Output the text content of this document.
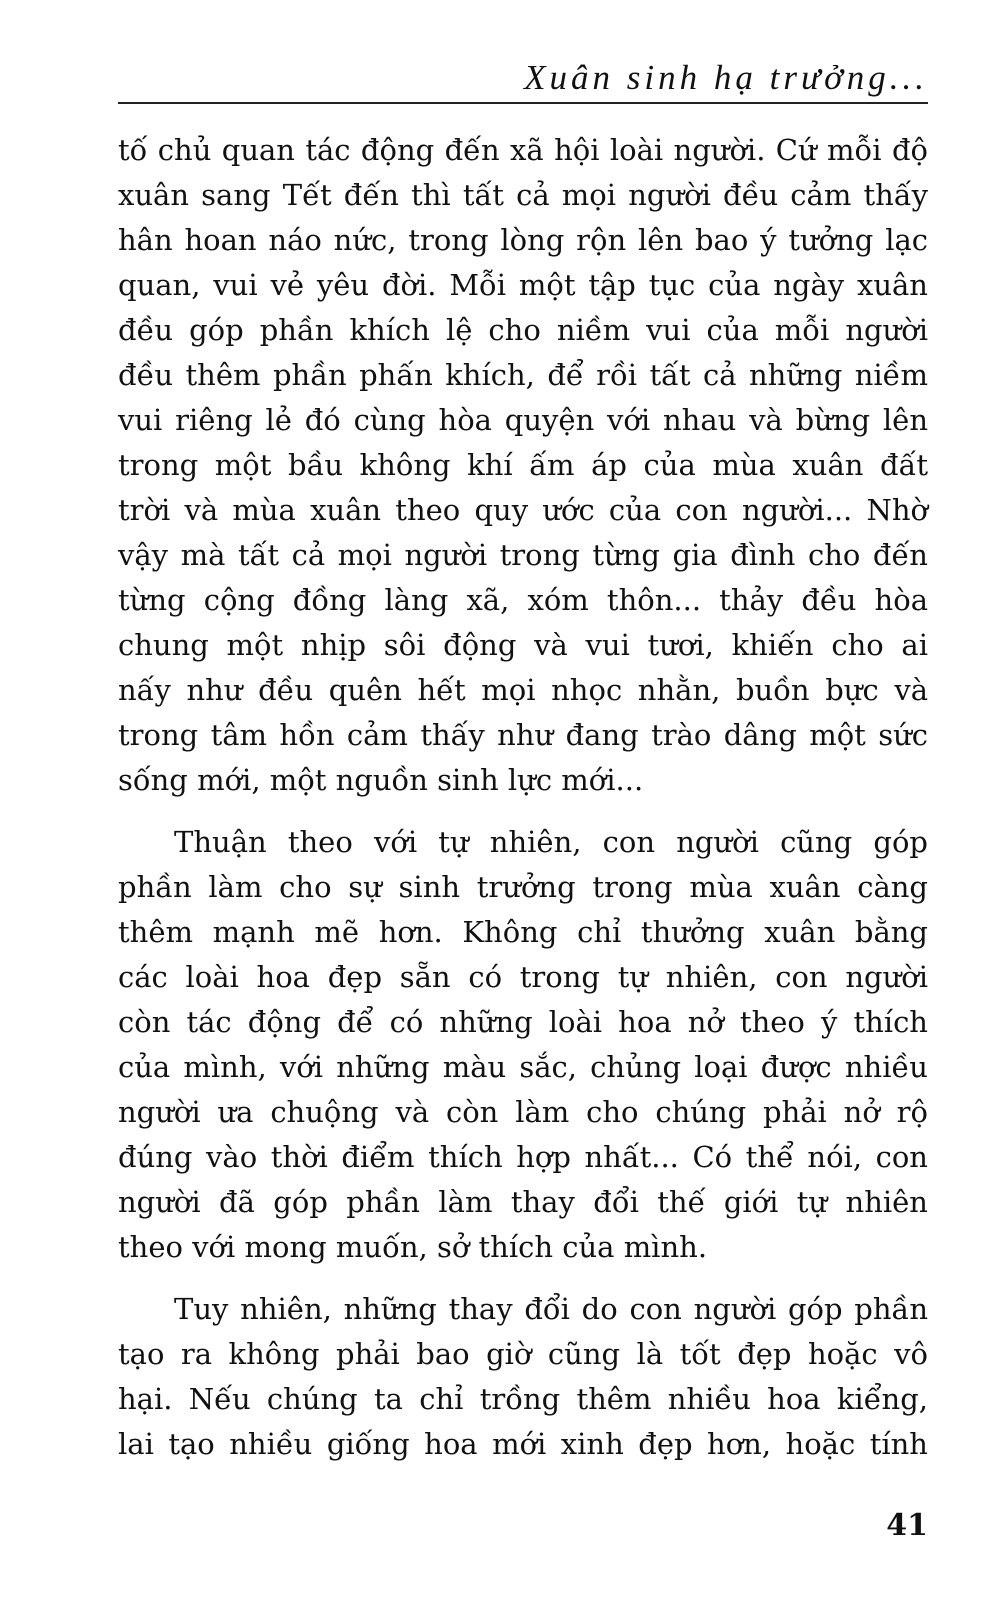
Xuân sinh hạ trưởng...
tố chủ quan tác động đến xã hội loài người. Cứ mỗi độ
xuân sang Tết đến thì tất cả mọi người đều cảm thấy
hân hoan náo nức, trong lòng rộn lên bao ý tưởng lạc
quan, vui vẻ yêu đời. Mỗi một tập tục của ngày xuân
đều góp phần khích lệ cho niềm vui của mỗi người
đều thêm phần phấn khích, để rồi tất cả những niềm
vui riêng lẻ đó cùng hòa quyện với nhau và bừng lên
trong một bầu không khí ấm áp của mùa xuân đất
trời và mùa xuân theo quy ước của con người... Nhờ
vậy mà tất cả mọi người trong từng gia đình cho đến
từng cộng đồng làng xã, xóm thôn... thảy đều hòa
chung một nhịp sôi động và vui tươi, khiến cho ai
nấy như đều quên hết mọi nhọc nhằn, buồn bực và
trong tâm hồn cảm thấy như đang trào dâng một sức
sống mới, một nguồn sinh lực mới...
Thuận theo với tự nhiên, con người cũng góp
phần làm cho sự sinh trưởng trong mùa xuân càng
thêm mạnh mẽ hơn. Không chỉ thưởng xuân bằng
các loài hoa đẹp sẵn có trong tự nhiên, con người
còn tác động để có những loài hoa nở theo ý thích
của mình, với những màu sắc, chủng loại được nhiều
người ưa chuộng và còn làm cho chúng phải nở rộ
đúng vào thời điểm thích hợp nhất... Có thể nói, con
người đã góp phần làm thay đổi thế giới tự nhiên
theo với mong muốn, sở thích của mình.
Tuy nhiên, những thay đổi do con người góp phần
tạo ra không phải bao giờ cũng là tốt đẹp hoặc vô
hại. Nếu chúng ta chỉ trồng thêm nhiều hoa kiểng,
lai tạo nhiều giống hoa mới xinh đẹp hơn, hoặc tính
41
